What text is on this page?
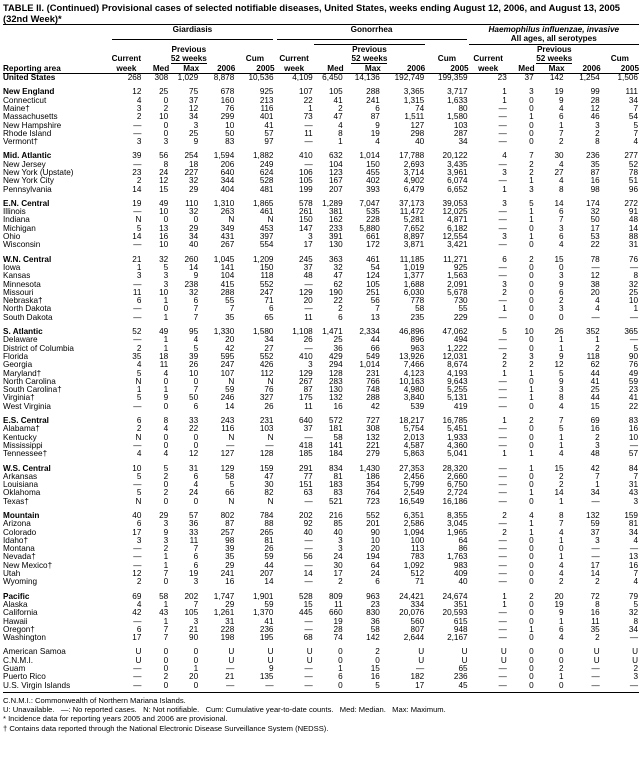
TABLE II. (Continued) Provisional cases of selected notifiable diseases, United States, weeks ending August 12, 2006, and August 13, 2005
(32nd Week)*

	Giardiasis					Gonorrhea					Haemophilus influenzae, invasive				

									All ages, all serotypes				
		Previous					Previous					Previous			
	Current	52 weeks			Cum	Current	52 weeks			Cum	Current	52 weeks			Cum
Reporting area	week	Med	Max	2006	2005	week	Med	Max	2006	2005	week	Med	Max	2006	2005

United States	268	308	1,029	8,878	10,536	4,109	6,450	14,136	192,749	199,359	23	37	142	1,254	1,506

New England	12	25	75	678	925	107	105	288	3,365	3,717	1	3	19	99	111
Connecticut	4	0	37	160	213	22	41	241	1,315	1,633	1	0	9	28	34
Maine†	3	2	12	76	116	1	2	6	74	80	—	0	4	12	7
Massachusetts	2	10	34	299	401	73	47	87	1,511	1,580	—	1	6	46	54
New Hampshire	—	0	3	10	41	—	4	9	127	103	—	0	1	3	5
Rhode Island	—	0	25	50	57	11	8	19	298	287	—	0	7	2	7
Vermont†	3	3	9	83	97	—	1	4	40	34	—	0	2	8	4

Mid. Atlantic	39	56	254	1,594	1,882	410	632	1,014	17,788	20,122	4	7	30	236	277
New Jersey	—	8	18	206	249	—	104	150	2,693	3,435	—	2	4	35	52
New York (Upstate)	23	24	227	640	624	106	123	455	3,714	3,961	3	2	27	87	78
New York City	2	12	32	344	528	105	167	402	4,902	6,074	—	1	4	16	51
Pennsylvania	14	15	29	404	481	199	207	393	6,479	6,652	1	3	8	98	96

E.N. Central	19	49	110	1,310	1,865	578	1,289	7,047	37,173	39,053	3	5	14	174	272
Illinois	—	10	32	263	461	261	381	535	11,472	12,025	—	1	6	32	91
Indiana	N	0	0	N	N	150	162	228	5,281	4,871	—	1	7	50	48
Michigan	5	13	29	349	453	147	233	5,880	7,652	6,182	—	0	3	17	14
Ohio	14	16	34	431	397	3	391	661	8,897	12,554	3	1	6	53	88
Wisconsin	—	10	40	267	554	17	130	172	3,871	3,421	—	0	4	22	31

W.N. Central	21	32	260	1,045	1,209	245	363	461	11,185	11,271	6	2	15	78	76
Iowa	1	5	14	141	150	37	32	54	1,019	925	—	0	0	—	—
Kansas	3	3	9	104	118	48	47	124	1,377	1,563	—	0	3	12	8
Minnesota	—	3	238	415	552	—	62	105	1,688	2,091	3	0	9	38	32
Missouri	11	10	32	288	247	129	190	251	6,030	5,678	2	0	6	20	25
Nebraska†	6	1	6	55	71	20	22	56	778	730	—	0	2	4	10
North Dakota	—	0	7	7	6	—	2	7	58	55	1	0	3	4	1
South Dakota	—	1	7	35	65	11	6	13	235	229	—	0	0	—	—

S. Atlantic	52	49	95	1,330	1,580	1,108	1,471	2,334	46,896	47,062	5	10	26	352	365
Delaware	—	1	4	20	34	26	25	44	896	494	—	0	1	1	—
District of Columbia	2	1	5	42	27	—	36	66	963	1,222	—	0	1	2	5
Florida	35	18	39	595	552	410	429	549	13,926	12,031	2	3	9	118	90
Georgia	4	11	26	247	426	3	294	1,014	7,466	8,674	2	2	12	62	76
Maryland†	5	4	10	107	112	129	128	231	4,123	4,193	1	1	5	44	49
North Carolina	N	0	0	N	N	267	283	766	10,163	9,643	—	0	9	41	59
South Carolina†	1	1	7	59	76	87	130	748	4,980	5,255	—	1	3	25	23
Virginia†	5	9	50	246	327	175	132	288	3,840	5,131	—	1	8	44	41
West Virginia	—	0	6	14	26	11	16	42	539	419	—	0	4	15	22

E.S. Central	6	8	33	243	231	640	572	727	18,217	16,785	1	2	7	69	83
Alabama†	2	4	22	116	103	37	181	308	5,754	5,451	—	0	5	16	16
Kentucky	N	0	0	N	N	—	58	132	2,013	1,933	—	0	1	2	10
Mississippi	—	0	0	—	—	418	141	221	4,587	4,360	—	0	1	3	—
Tennessee†	4	4	12	127	128	185	184	279	5,863	5,041	1	1	4	48	57

W.S. Central	10	5	31	129	159	291	834	1,430	27,353	28,320	—	1	15	42	84
Arkansas	5	2	6	58	47	77	81	186	2,456	2,660	—	0	2	7	7
Louisiana	—	0	4	5	30	151	183	354	5,799	6,750	—	0	2	1	31
Oklahoma	5	2	24	66	82	63	83	764	2,549	2,724	—	1	14	34	43
Texas†	N	0	0	N	N	—	521	723	16,549	16,186	—	0	1	—	3

Mountain	40	29	57	802	784	202	216	552	6,351	8,355	2	4	8	132	159
Arizona	6	3	36	87	88	92	85	201	2,586	3,045	—	1	7	59	81
Colorado	17	9	33	257	265	40	40	90	1,094	1,965	2	1	4	37	34
Idaho†	3	3	11	98	81	—	3	10	100	64	—	0	1	3	4
Montana	—	2	7	39	26	—	3	20	113	86	—	0	0	—	—
Nevada†	—	1	6	35	59	56	24	194	783	1,763	—	0	1	—	13
New Mexico†	—	1	6	29	44	—	30	64	1,092	983	—	0	4	17	16
Utah	12	7	19	241	207	14	17	24	512	409	—	0	4	14	7
Wyoming	2	0	3	16	14	—	2	6	71	40	—	0	2	2	4

Pacific	69	58	202	1,747	1,901	528	809	963	24,421	24,674	1	2	20	72	79
Alaska	4	1	7	29	59	15	11	23	334	351	1	0	19	8	5
California	42	43	105	1,261	1,370	445	660	830	20,076	20,593	—	0	9	16	32
Hawaii	—	1	3	31	41	—	19	36	560	615	—	0	1	11	8
Oregon†	6	7	21	228	236	—	28	58	807	948	—	1	6	35	34
Washington	17	7	90	198	195	68	74	142	2,644	2,167	—	0	4	2	—

American Samoa	U	0	0	U	U	U	0	2	U	U	U	0	0	U	U
C.N.M.I.	U	0	0	U	U	U	0	0	U	U	U	0	0	U	U
Guam	—	0	1	—	9	—	1	15	—	65	—	0	2	—	2
Puerto Rico	—	2	20	21	135	—	6	16	182	236	—	0	1	—	3
U.S. Virgin Islands	—	0	0	—	—	—	0	5	17	45	—	0	0	—	—

C.N.M.I.: Commonwealth of Northern Mariana Islands.
U: Unavailable.   —: No reported cases.   N: Not notifiable.   Cum: Cumulative year-to-date counts.   Med: Median.   Max: Maximum.
* Incidence data for reporting years 2005 and 2006 are provisional.
† Contains data reported through the National Electronic Disease Surveillance System (NEDSS).
